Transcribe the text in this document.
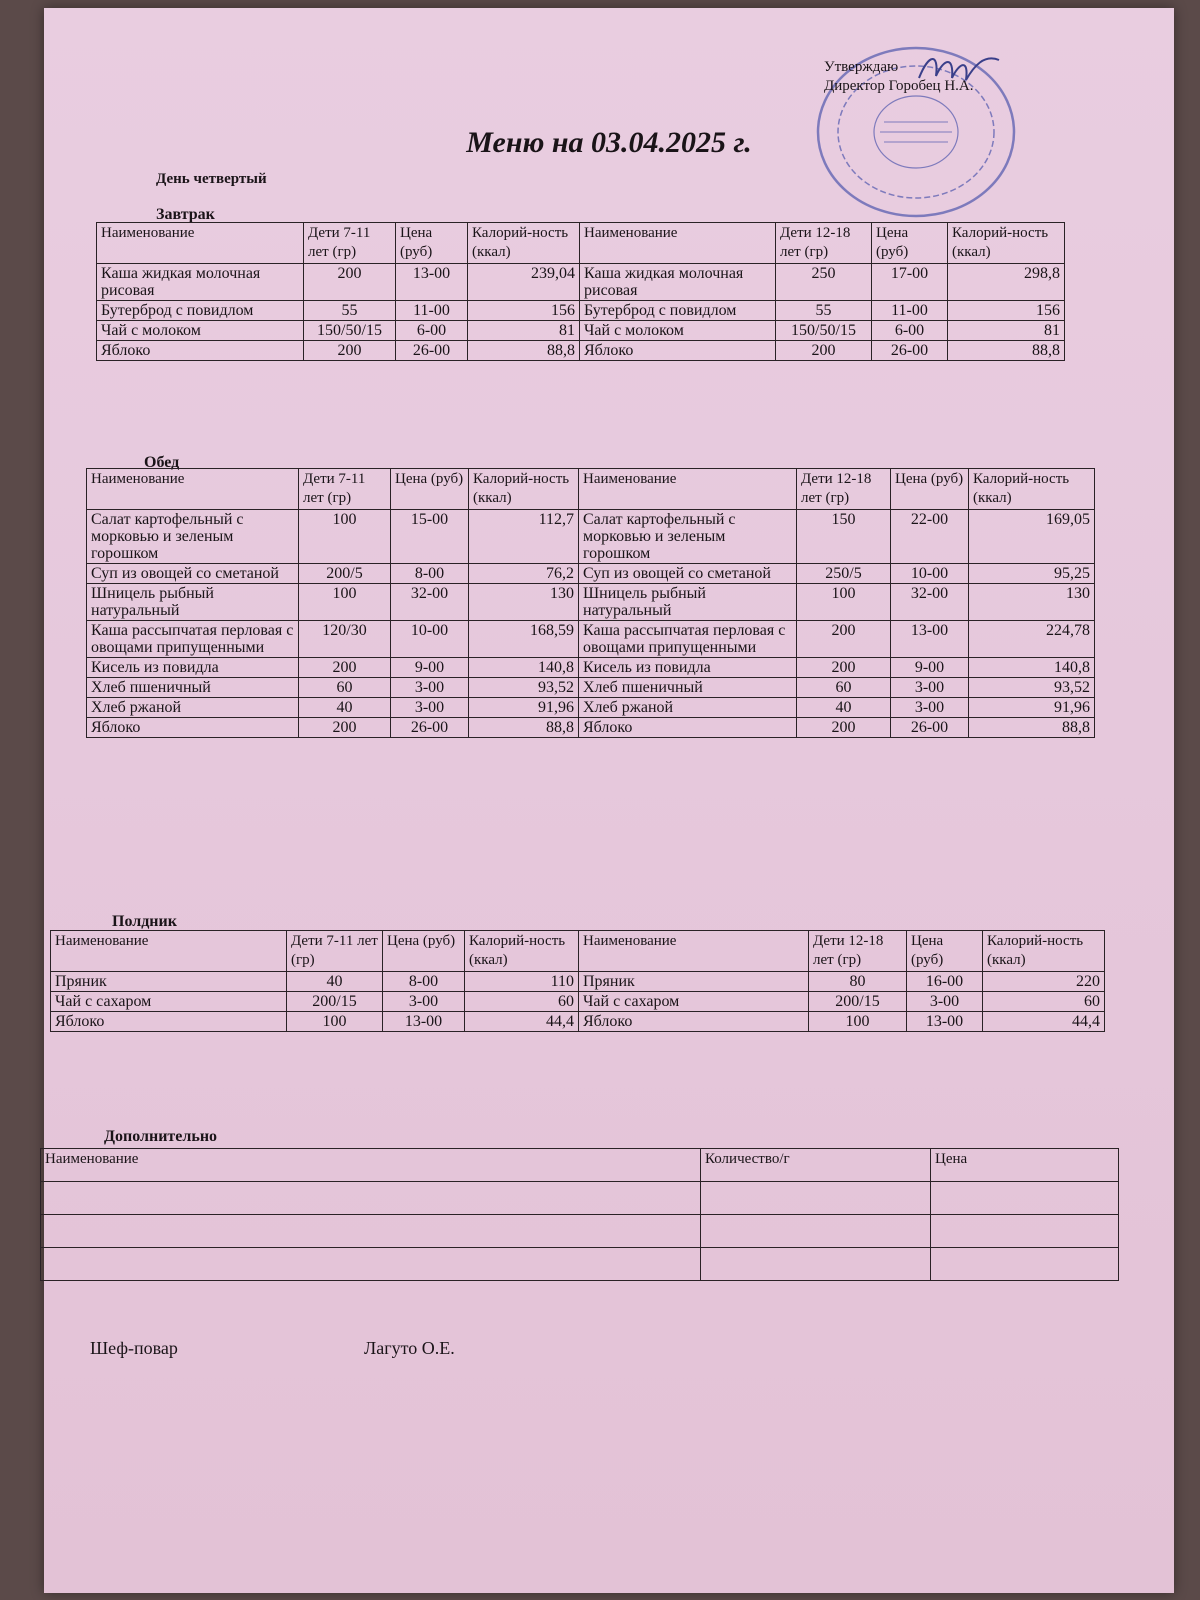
Утверждаю
Директор Горобец Н.А.
Меню на 03.04.2025 г.
День четвертый
Завтрак
Наименование	Дети 7-11 лет (гр)	Цена (руб)	Калорий-ность (ккал)	Наименование	Дети 12-18 лет (гр)	Цена (руб)	Калорий-ность (ккал)
Каша жидкая молочная рисовая	200	13-00	239,04	Каша жидкая молочная рисовая	250	17-00	298,8
Бутерброд с повидлом	55	11-00	156	Бутерброд с повидлом	55	11-00	156
Чай с молоком	150/50/15	6-00	81	Чай с молоком	150/50/15	6-00	81
Яблоко	200	26-00	88,8	Яблоко	200	26-00	88,8
Обед
Наименование	Дети 7-11 лет (гр)	Цена (руб)	Калорий-ность (ккал)	Наименование	Дети 12-18 лет (гр)	Цена (руб)	Калорий-ность (ккал)
Салат картофельный с морковью и зеленым горошком	100	15-00	112,7	Салат картофельный с морковью и зеленым горошком	150	22-00	169,05
Суп из овощей со сметаной	200/5	8-00	76,2	Суп из овощей со сметаной	250/5	10-00	95,25
Шницель рыбный натуральный	100	32-00	130	Шницель рыбный натуральный	100	32-00	130
Каша рассыпчатая перловая с овощами припущенными	120/30	10-00	168,59	Каша рассыпчатая перловая с овощами припущенными	200	13-00	224,78
Кисель из повидла	200	9-00	140,8	Кисель из повидла	200	9-00	140,8
Хлеб пшеничный	60	3-00	93,52	Хлеб пшеничный	60	3-00	93,52
Хлеб ржаной	40	3-00	91,96	Хлеб ржаной	40	3-00	91,96
Яблоко	200	26-00	88,8	Яблоко	200	26-00	88,8
Полдник
Наименование	Дети 7-11 лет (гр)	Цена (руб)	Калорий-ность (ккал)	Наименование	Дети 12-18 лет (гр)	Цена (руб)	Калорий-ность (ккал)
Пряник	40	8-00	110	Пряник	80	16-00	220
Чай с сахаром	200/15	3-00	60	Чай с сахаром	200/15	3-00	60
Яблоко	100	13-00	44,4	Яблоко	100	13-00	44,4
Дополнительно
Наименование	Количество/г	Цена

Шеф-повар	Лагуто О.Е.
